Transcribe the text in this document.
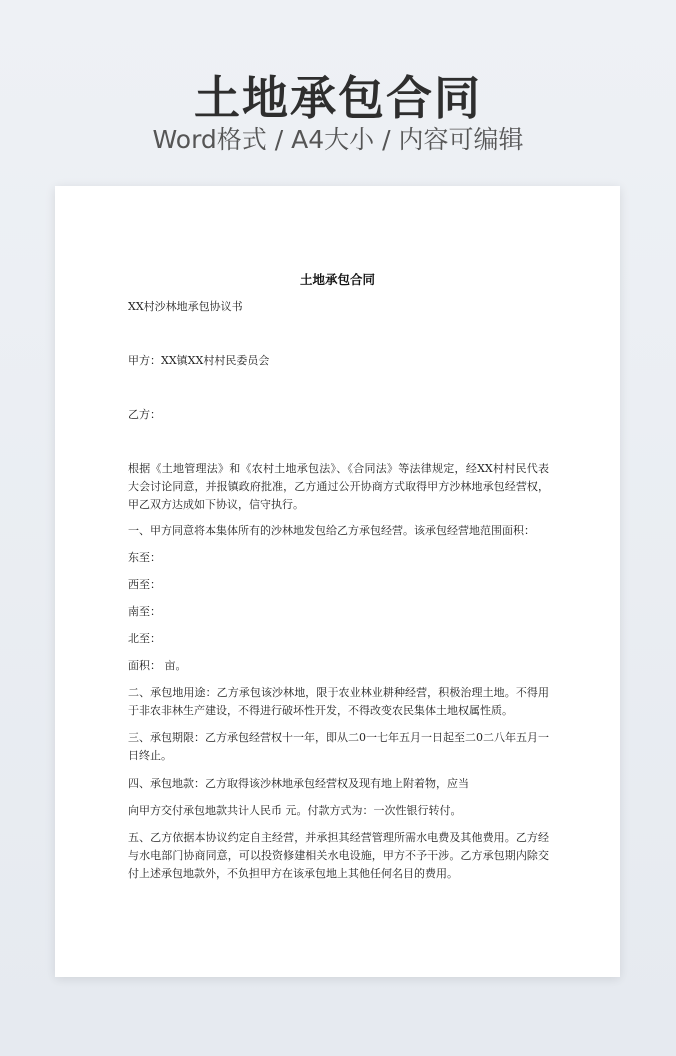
土地承包合同
Word格式 / A4大小 / 内容可编辑
土地承包合同
XX村沙林地承包协议书
甲方：XX镇XX村村民委员会
乙方：
根据《土地管理法》和《农村土地承包法》、《合同法》等法律规定，经XX村村民代表大会讨论同意，并报镇政府批准，乙方通过公开协商方式取得甲方沙林地承包经营权，甲乙双方达成如下协议，信守执行。
一、甲方同意将本集体所有的沙林地发包给乙方承包经营。该承包经营地范围面积：
东至：
西至：
南至：
北至：
面积： 亩。
二、承包地用途：乙方承包该沙林地，限于农业林业耕种经营，积极治理土地。不得用于非农非林生产建设，不得进行破坏性开发，不得改变农民集体土地权属性质。
三、承包期限：乙方承包经营权十一年，即从二0一七年五月一日起至二0二八年五月一日终止。
四、承包地款：乙方取得该沙林地承包经营权及现有地上附着物，应当
向甲方交付承包地款共计人民币 元。付款方式为：一次性银行转付。
五、乙方依据本协议约定自主经营，并承担其经营管理所需水电费及其他费用。乙方经与水电部门协商同意，可以投资修建相关水电设施，甲方不予干涉。乙方承包期内除交付上述承包地款外，不负担甲方在该承包地上其他任何名目的费用。
